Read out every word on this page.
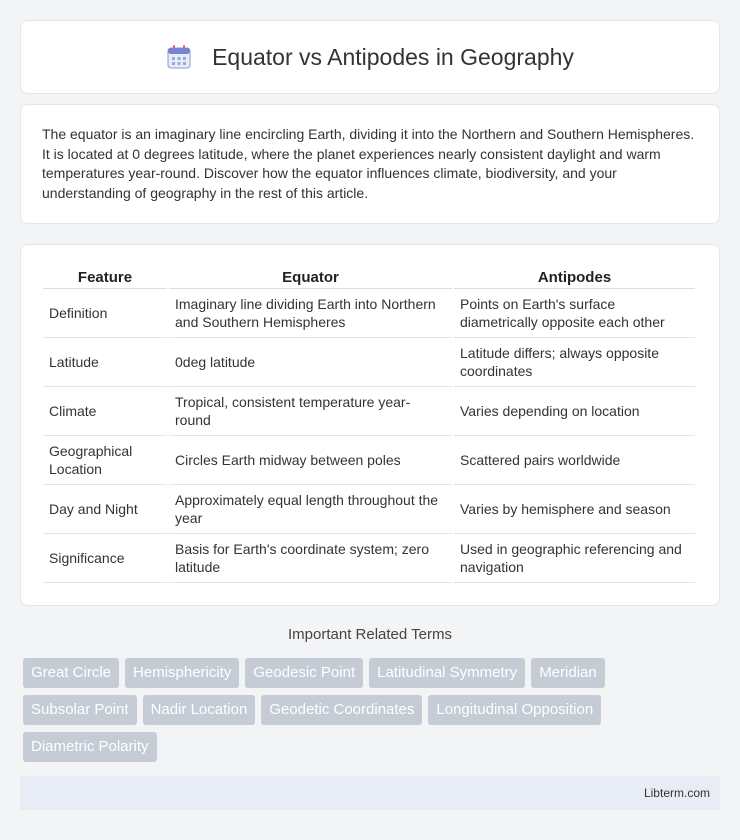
Equator vs Antipodes in Geography

The equator is an imaginary line encircling Earth, dividing it into the Northern and Southern Hemispheres. It is located at 0 degrees latitude, where the planet experiences nearly consistent daylight and warm temperatures year-round. Discover how the equator influences climate, biodiversity, and your understanding of geography in the rest of this article.

Feature	Equator	Antipodes
Definition	Imaginary line dividing Earth into Northern and Southern Hemispheres	Points on Earth's surface diametrically opposite each other
Latitude	0deg latitude	Latitude differs; always opposite coordinates
Climate	Tropical, consistent temperature year-round	Varies depending on location
Geographical Location	Circles Earth midway between poles	Scattered pairs worldwide
Day and Night	Approximately equal length throughout the year	Varies by hemisphere and season
Significance	Basis for Earth's coordinate system; zero latitude	Used in geographic referencing and navigation
Important Related Terms
Great Circle	Hemisphericity	Geodesic Point	Latitudinal Symmetry	Meridian
Subsolar Point	Nadir Location	Geodetic Coordinates	Longitudinal Opposition
Diametric Polarity
Libterm.com
